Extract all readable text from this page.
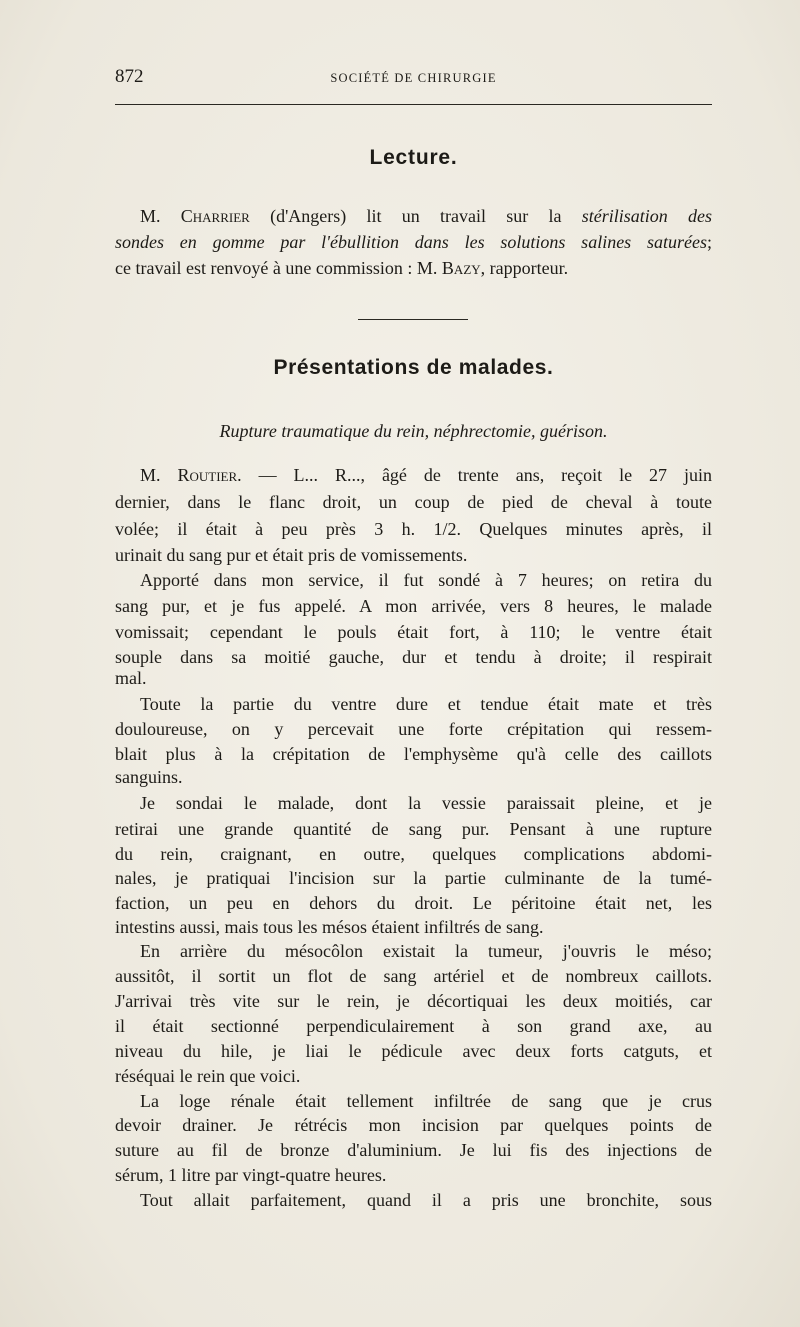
872	SOCIÉTÉ DE CHIRURGIE
Lecture.
M. Charrier (d'Angers) lit un travail sur la stérilisation des
sondes en gomme par l'ébullition dans les solutions salines saturées;
ce travail est renvoyé à une commission : M. Bazy, rapporteur.
Présentations de malades.
Rupture traumatique du rein, néphrectomie, guérison.
M. Routier. — L... R..., âgé de trente ans, reçoit le 27 juin
dernier, dans le flanc droit, un coup de pied de cheval à toute
volée; il était à peu près 3 h. 1/2. Quelques minutes après, il
urinait du sang pur et était pris de vomissements.
Apporté dans mon service, il fut sondé à 7 heures; on retira du
sang pur, et je fus appelé. A mon arrivée, vers 8 heures, le malade
vomissait; cependant le pouls était fort, à 110; le ventre était
souple dans sa moitié gauche, dur et tendu à droite; il respirait
mal.
Toute la partie du ventre dure et tendue était mate et très
douloureuse, on y percevait une forte crépitation qui ressem-
blait plus à la crépitation de l'emphysème qu'à celle des caillots
sanguins.
Je sondai le malade, dont la vessie paraissait pleine, et je
retirai une grande quantité de sang pur. Pensant à une rupture
du rein, craignant, en outre, quelques complications abdomi-
nales, je pratiquai l'incision sur la partie culminante de la tumé-
faction, un peu en dehors du droit. Le péritoine était net, les
intestins aussi, mais tous les mésos étaient infiltrés de sang.
En arrière du mésocôlon existait la tumeur, j'ouvris le méso;
aussitôt, il sortit un flot de sang artériel et de nombreux caillots.
J'arrivai très vite sur le rein, je décortiquai les deux moitiés, car
il était sectionné perpendiculairement à son grand axe, au
niveau du hile, je liai le pédicule avec deux forts catguts, et
réséquai le rein que voici.
La loge rénale était tellement infiltrée de sang que je crus
devoir drainer. Je rétrécis mon incision par quelques points de
suture au fil de bronze d'aluminium. Je lui fis des injections de
sérum, 1 litre par vingt-quatre heures.
Tout allait parfaitement, quand il a pris une bronchite, sous
